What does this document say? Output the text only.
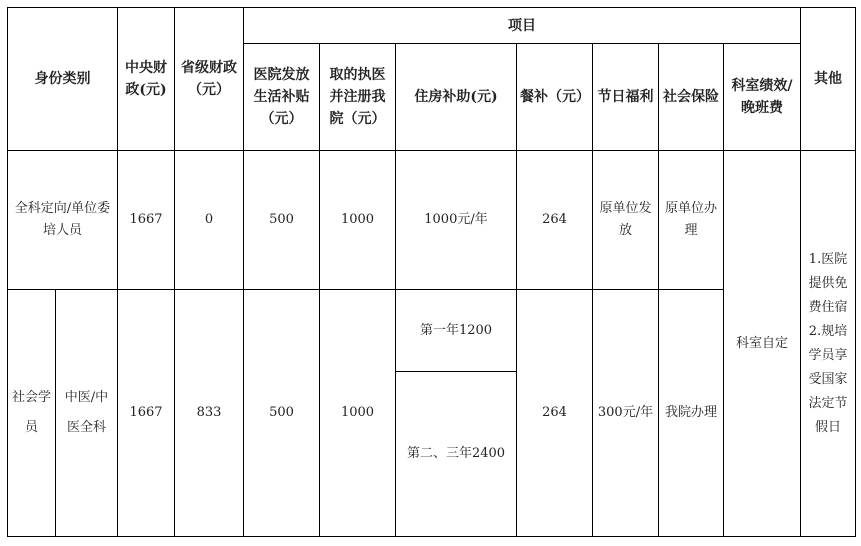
身份类别		中央财政(元)	省级财政 （元）	项目							其他
				医院发放生活补贴（元）	取的执医并注册我院（元）	住房补助(元)	餐补（元）	节日福利	社会保险	科室绩效/晚班费	
全科定向/单位委培人员		1667	0	500	1000	1000元/年	264	原单位发放	原单位办理	科室自定	1.医院提供免费住宿2.规培学员享受国家法定节假日
社会学员	中医/中医全科	1667	833	500	1000	第一年1200	264	300元/年	我院办理		
						第二、三年2400					
